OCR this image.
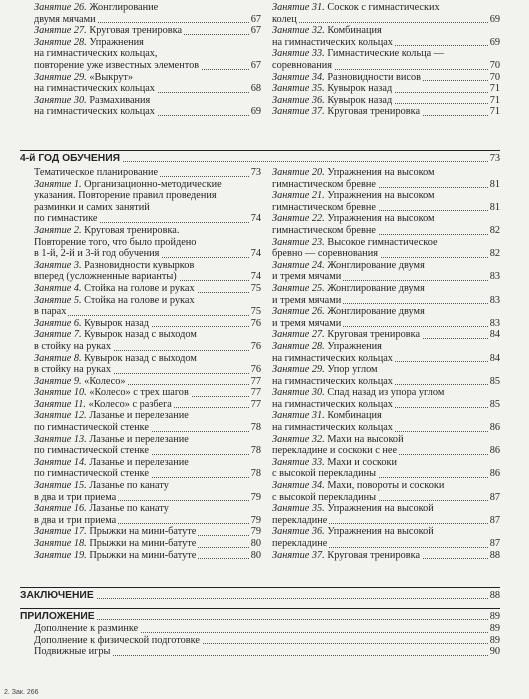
Занятие 26. Жонглирование
двумя мячами	67
Занятие 27. Круговая тренировка	67
Занятие 28. Упражнения
на гимнастических кольцах,
повторение уже известных элементов	67
Занятие 29. «Выкрут»
на гимнастических кольцах	68
Занятие 30. Размахивания
на гимнастических кольцах	69
Занятие 31. Соскок с гимнастических
колец	69
Занятие 32. Комбинация
на гимнастических кольцах	69
Занятие 33. Гимнастические кольца —
соревнования	70
Занятие 34. Разновидности висов	70
Занятие 35. Кувырок назад	71
Занятие 36. Кувырок назад	71
Занятие 37. Круговая тренировка	71
4-й ГОД ОБУЧЕНИЯ	73
Тематическое планирование	73
Занятие 1. Организационно-методические
указания. Повторение правил проведения
разминки и самих занятий
по гимнастике	74
Занятие 2. Круговая тренировка.
Повторение того, что было пройдено
в 1-й, 2-й и 3-й год обучения	74
Занятие 3. Разновидности кувырков
вперед (усложненные варианты)	74
Занятие 4. Стойка на голове и руках	75
Занятие 5. Стойка на голове и руках
в парах	75
Занятие 6. Кувырок назад	76
Занятие 7. Кувырок назад с выходом
в стойку на руках	76
Занятие 8. Кувырок назад с выходом
в стойку на руках	76
Занятие 9. «Колесо»	77
Занятие 10. «Колесо» с трех шагов	77
Занятие 11. «Колесо» с разбега	77
Занятие 12. Лазанье и перелезание
по гимнастической стенке	78
Занятие 13. Лазанье и перелезание
по гимнастической стенке	78
Занятие 14. Лазанье и перелезание
по гимнастической стенке	78
Занятие 15. Лазанье по канату
в два и три приема	79
Занятие 16. Лазанье по канату
в два и три приема	79
Занятие 17. Прыжки на мини-батуте	79
Занятие 18. Прыжки на мини-батуте	80
Занятие 19. Прыжки на мини-батуте	80
Занятие 20. Упражнения на высоком
гимнастическом бревне	81
Занятие 21. Упражнения на высоком
гимнастическом бревне	81
Занятие 22. Упражнения на высоком
гимнастическом бревне	82
Занятие 23. Высокое гимнастическое
бревно — соревнования	82
Занятие 24. Жонглирование двумя
и тремя мячами	83
Занятие 25. Жонглирование двумя
и тремя мячами	83
Занятие 26. Жонглирование двумя
и тремя мячами	83
Занятие 27. Круговая тренировка	84
Занятие 28. Упражнения
на гимнастических кольцах	84
Занятие 29. Упор углом
на гимнастических кольцах	85
Занятие 30. Спад назад из упора углом
на гимнастических кольцах	85
Занятие 31. Комбинация
на гимнастических кольцах	86
Занятие 32. Махи на высокой
перекладине и соскоки с нее	86
Занятие 33. Махи и соскоки
с высокой перекладины	86
Занятие 34. Махи, повороты и соскоки
с высокой перекладины	87
Занятие 35. Упражнения на высокой
перекладине	87
Занятие 36. Упражнения на высокой
перекладине	87
Занятие 37. Круговая тренировка	88
ЗАКЛЮЧЕНИЕ	88
ПРИЛОЖЕНИЕ	89
Дополнение к разминке	89
Дополнение к физической подготовке	89
Подвижные игры	90
2. Зак. 266
